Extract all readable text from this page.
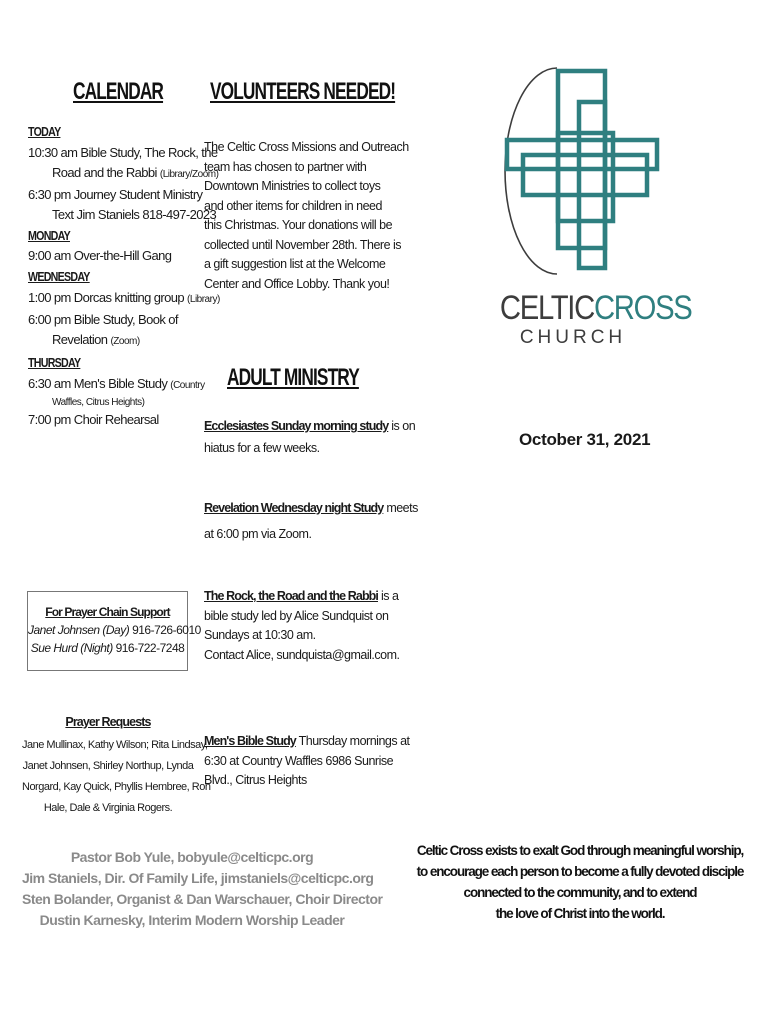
CALENDAR
TODAY
10:30 am Bible Study, The Rock, the
Road and the Rabbi (Library/Zoom)
6:30 pm Journey Student Ministry
Text Jim Staniels 818-497-2023
MONDAY
9:00 am Over-the-Hill Gang
WEDNESDAY
1:00 pm Dorcas knitting group (Library)
6:00 pm Bible Study, Book of
Revelation (Zoom)
THURSDAY
6:30 am Men's Bible Study (Country
Waffles, Citrus Heights)
7:00 pm Choir Rehearsal
VOLUNTEERS NEEDED!
The Celtic Cross Missions and Outreach
team has chosen to partner with
Downtown Ministries to collect toys
and other items for children in need
this Christmas. Your donations will be
collected until November 28th. There is
a gift suggestion list at the Welcome
Center and Office Lobby. Thank you!
ADULT MINISTRY
Ecclesiastes Sunday morning study is on
hiatus for a few weeks.
Revelation Wednesday night Study meets
at 6:00 pm via Zoom.
The Rock, the Road and the Rabbi is a
bible study led by Alice Sundquist on
Sundays at 10:30 am.
Contact Alice, sundquista@gmail.com.
Men's Bible Study Thursday mornings at
6:30 at Country Waffles 6986 Sunrise
Blvd., Citrus Heights
For Prayer Chain Support
Janet Johnsen (Day) 916-726-6010
Sue Hurd (Night) 916-722-7248
Prayer Requests
Jane Mullinax, Kathy Wilson; Rita Lindsay,
Janet Johnsen, Shirley Northup, Lynda
Norgard, Kay Quick, Phyllis Hembree, Ron
Hale, Dale & Virginia Rogers.
Pastor Bob Yule, bobyule@celticpc.org
Jim Staniels, Dir. Of Family Life, jimstaniels@celticpc.org
Sten Bolander, Organist & Dan Warschauer, Choir Director
Dustin Karnesky, Interim Modern Worship Leader
CELTICCROSS
CHURCH
October 31, 2021
Celtic Cross exists to exalt God through meaningful worship,
to encourage each person to become a fully devoted disciple
connected to the community, and to extend
the love of Christ into the world.
